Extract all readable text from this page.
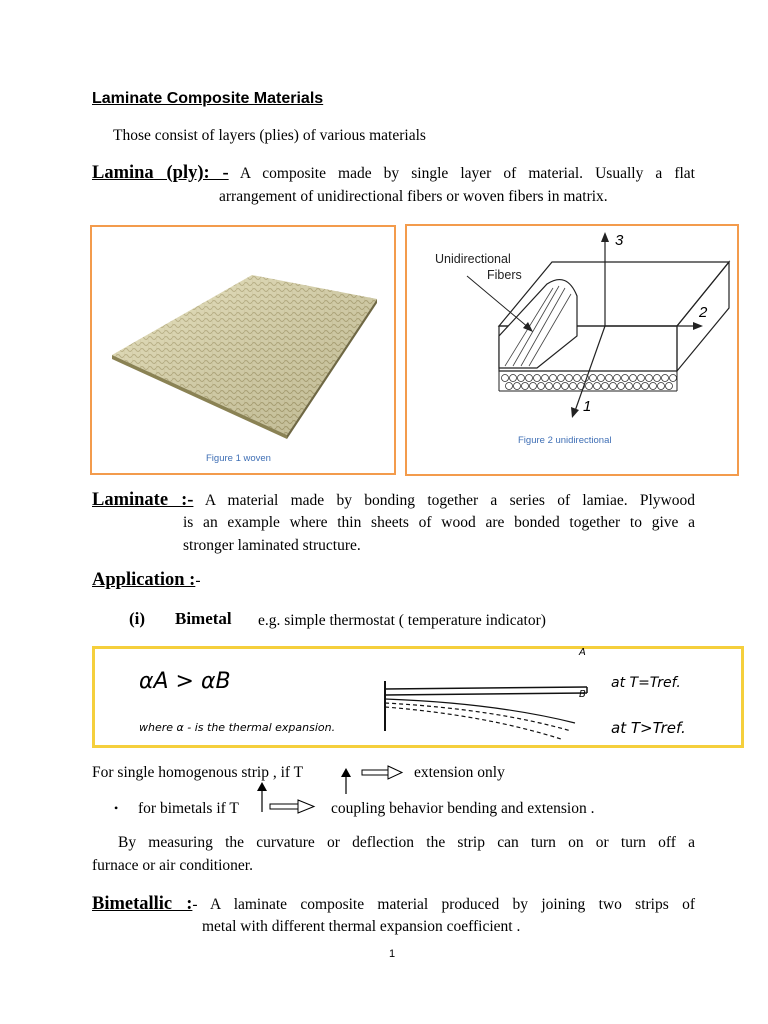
Laminate Composite Materials
Those consist of layers (plies) of various materials
Lamina (ply): - A composite made by single layer of material. Usually a flat
arrangement of unidirectional fibers or woven fibers in matrix.
Figure 1 woven
Unidirectional
Fibers
3
2
1
Figure 2 unidirectional
Laminate :- A material made by bonding together a series of lamiae. Plywood
is an example where thin sheets of wood are bonded together to give a
stronger laminated structure.
Application :-
(i) Bimetal e.g. simple thermostat ( temperature indicator)
αA > αB
where α - is the thermal expansion.
A
B
at T=Tref.
at T>Tref.
For single homogenous strip , if T	extension only
• for bimetals if T	coupling behavior bending and extension .
By measuring the curvature or deflection the strip can turn on or turn off a
furnace or air conditioner.
Bimetallic :- A laminate composite material produced by joining two strips of
metal with different thermal expansion coefficient .
1
